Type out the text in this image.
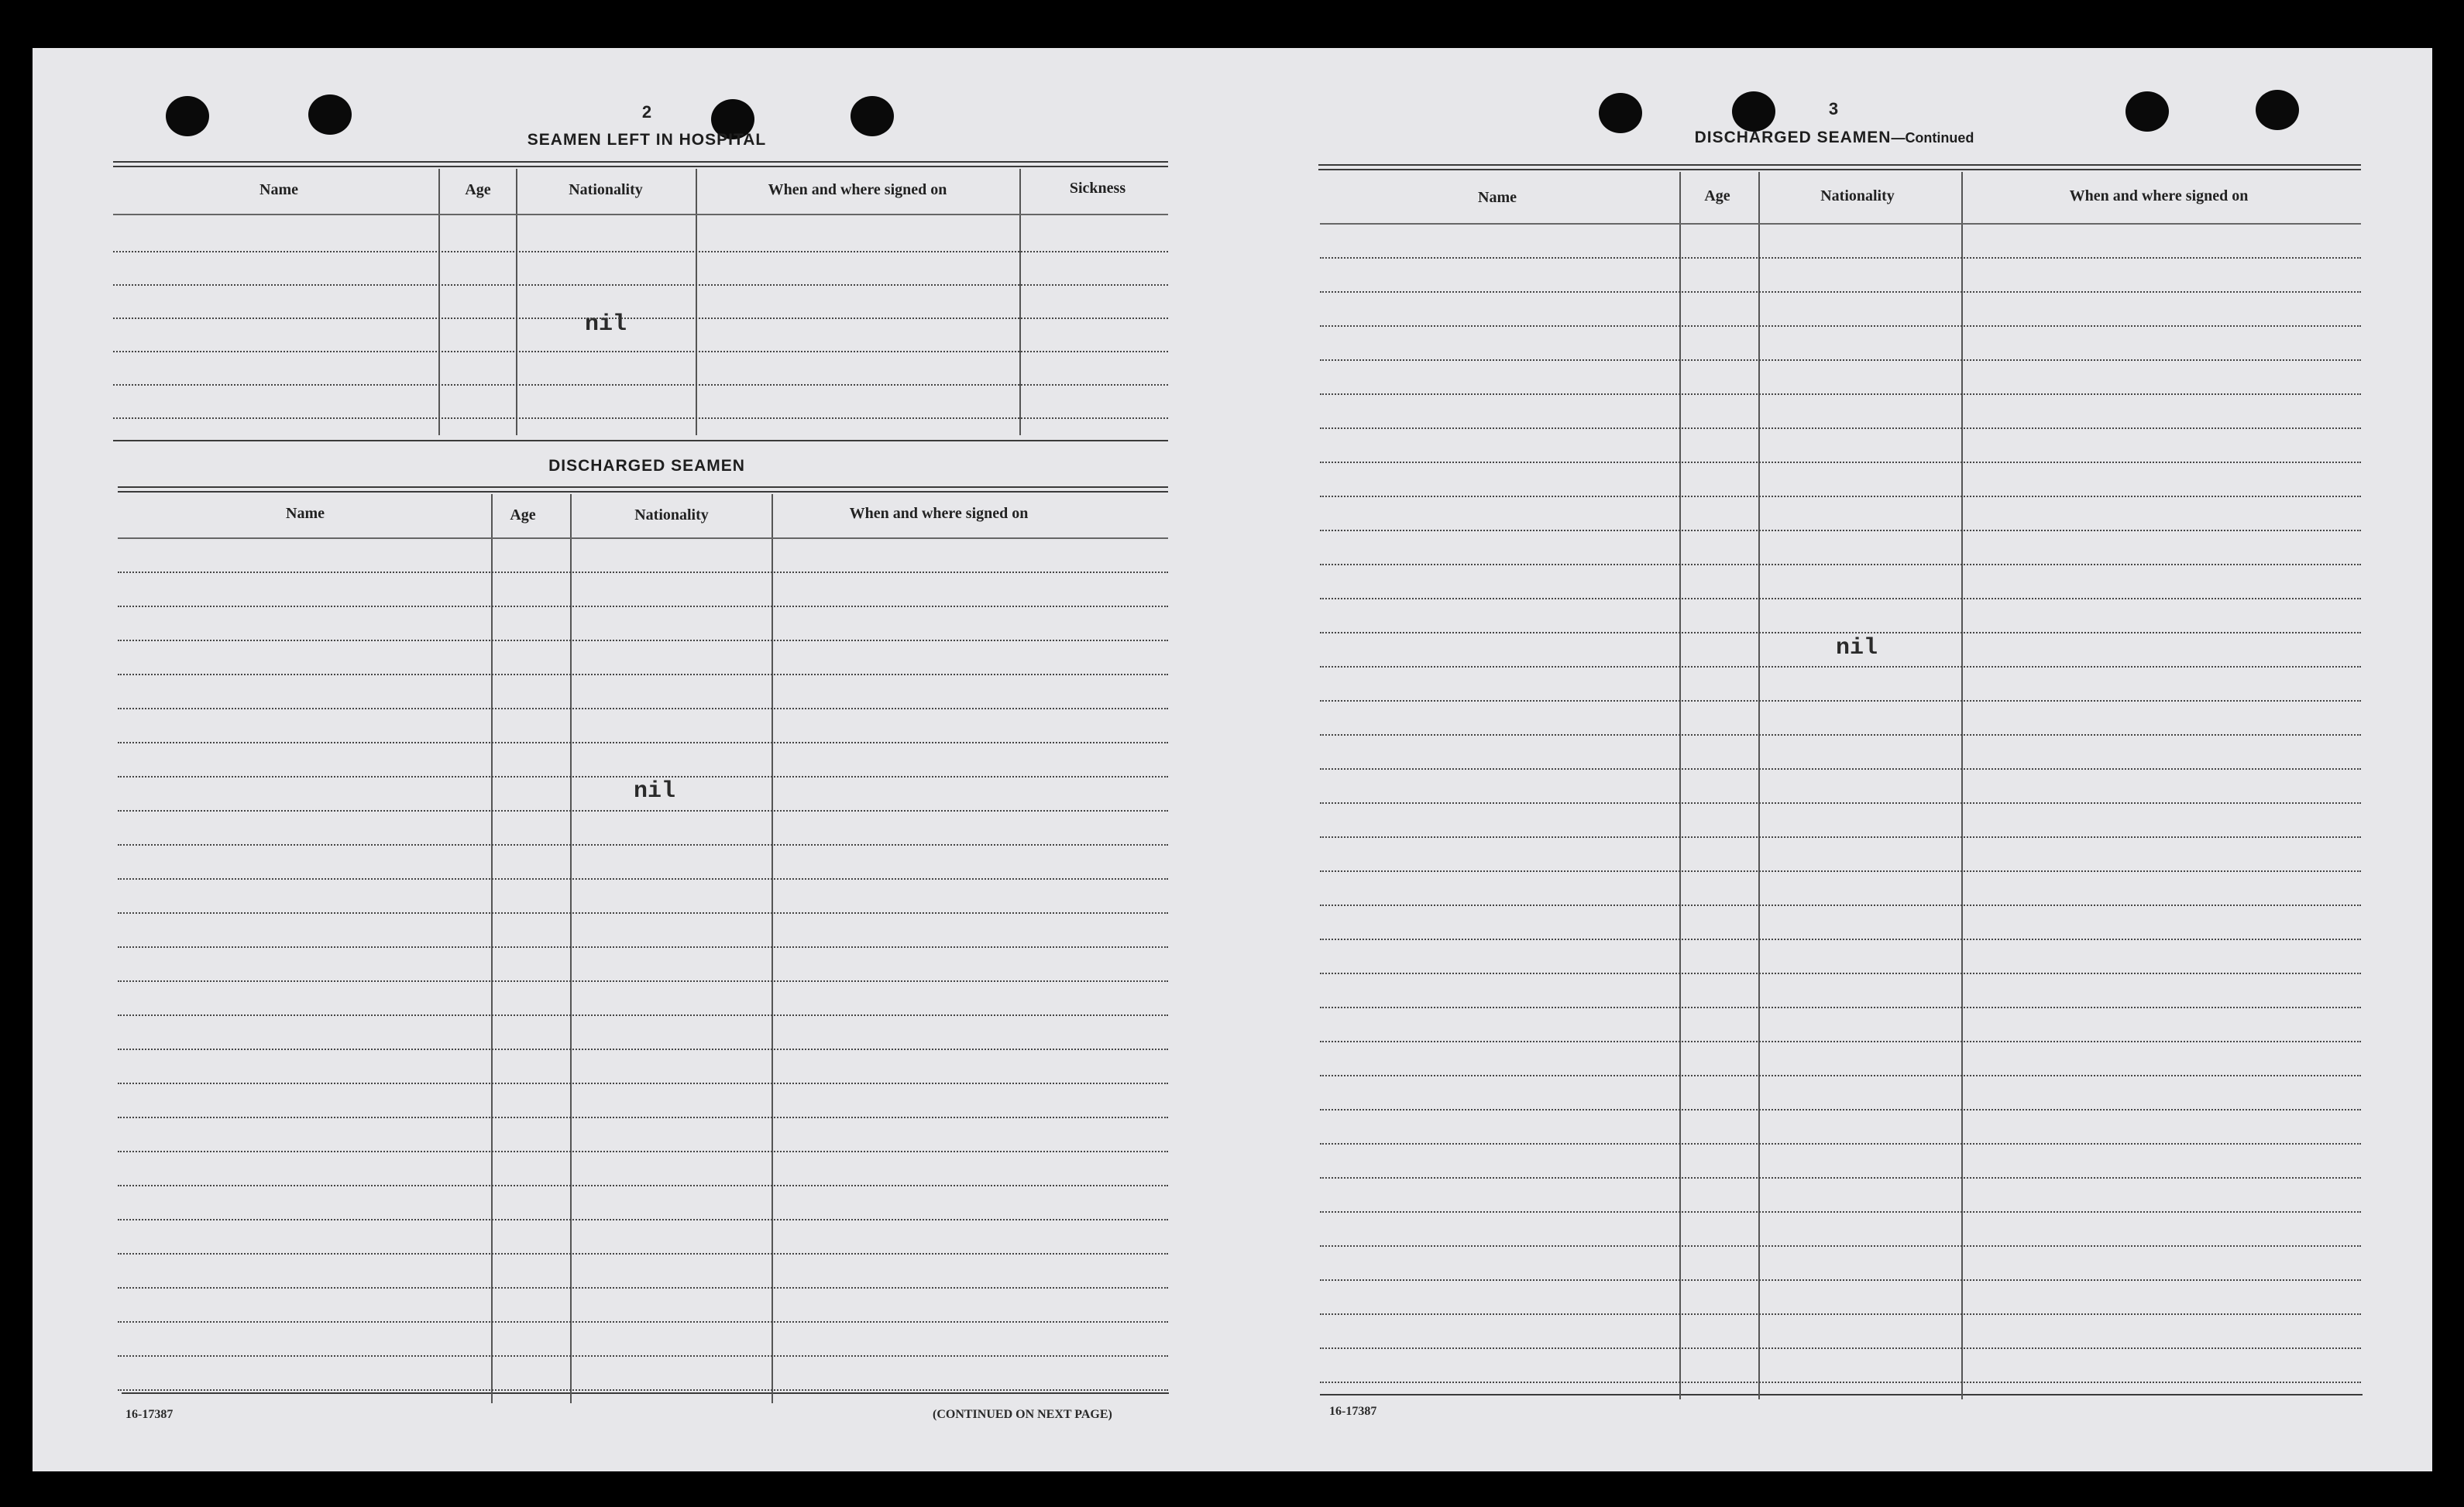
2
SEAMEN LEFT IN HOSPITAL
Name	Age	Nationality	When and where signed on	Sickness
nil
DISCHARGED SEAMEN
Name	Age	Nationality	When and where signed on
nil
16-17387	(CONTINUED ON NEXT PAGE)
3
DISCHARGED SEAMEN—Continued
Name	Age	Nationality	When and where signed on
nil
16-17387
